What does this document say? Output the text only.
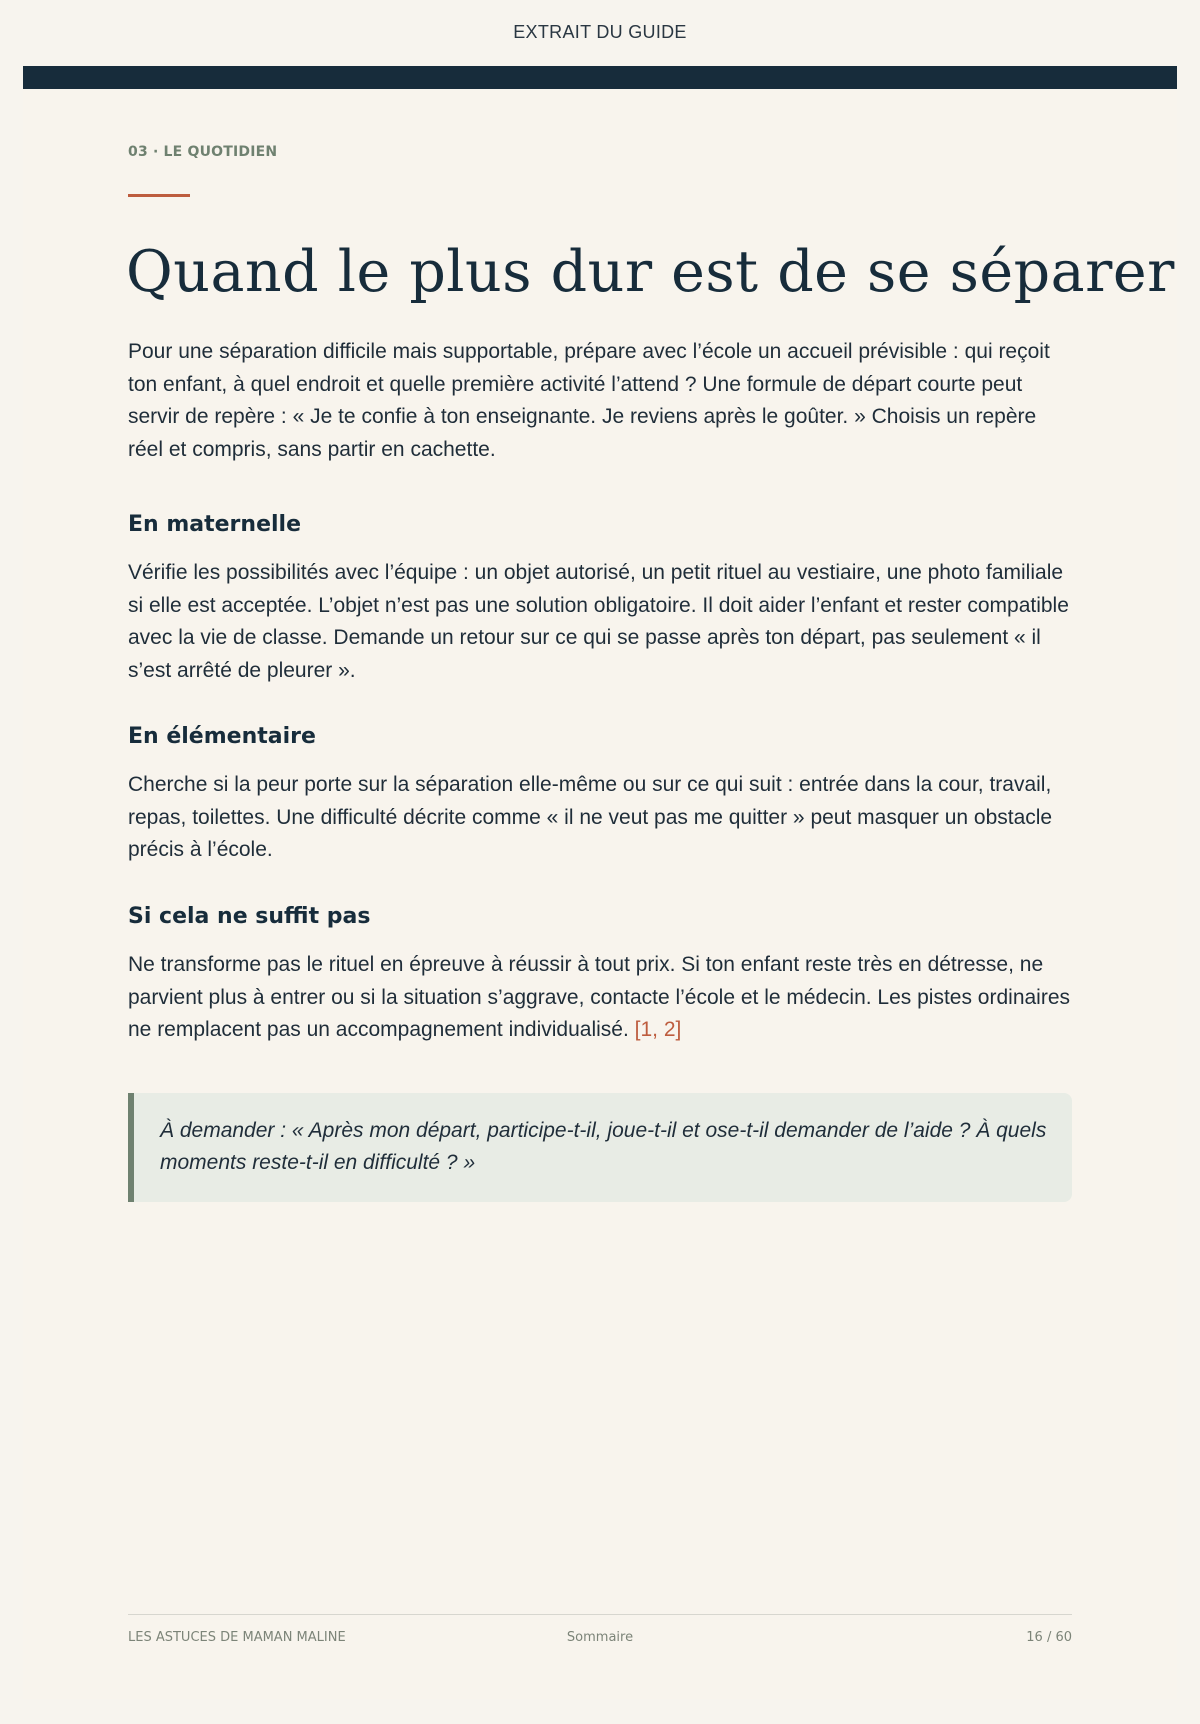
EXTRAIT DU GUIDE
03 · LE QUOTIDIEN
Quand le plus dur est de se séparer

Pour une séparation difficile mais supportable, prépare avec l’école un accueil prévisible : qui reçoit ton enfant, à quel endroit et quelle première activité l’attend ? Une formule de départ courte peut servir de repère : « Je te confie à ton enseignante. Je reviens après le goûter. » Choisis un repère réel et compris, sans partir en cachette.

En maternelle

Vérifie les possibilités avec l’équipe : un objet autorisé, un petit rituel au vestiaire, une photo familiale si elle est acceptée. L’objet n’est pas une solution obligatoire. Il doit aider l’enfant et rester compatible avec la vie de classe. Demande un retour sur ce qui se passe après ton départ, pas seulement « il s’est arrêté de pleurer ».

En élémentaire

Cherche si la peur porte sur la séparation elle-même ou sur ce qui suit : entrée dans la cour, travail, repas, toilettes. Une difficulté décrite comme « il ne veut pas me quitter » peut masquer un obstacle précis à l’école.

Si cela ne suffit pas

Ne transforme pas le rituel en épreuve à réussir à tout prix. Si ton enfant reste très en détresse, ne parvient plus à entrer ou si la situation s’aggrave, contacte l’école et le médecin. Les pistes ordinaires ne remplacent pas un accompagnement individualisé. [1, 2]

À demander : « Après mon départ, participe-t-il, joue-t-il et ose-t-il demander de l’aide ? À quels moments reste-t-il en difficulté ? »

LES ASTUCES DE MAMAN MALINE	Sommaire	16 / 60
